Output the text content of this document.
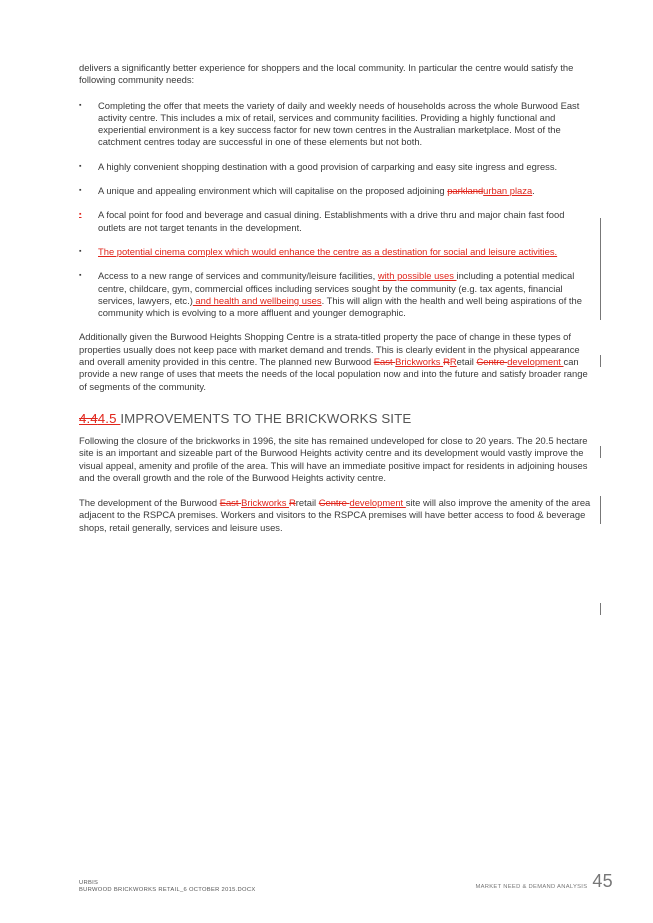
delivers a significantly better experience for shoppers and the local community. In particular the centre would satisfy the following community needs:

▪	Completing the offer that meets the variety of daily and weekly needs of households across the whole Burwood East activity centre. This includes a mix of retail, services and community facilities. Providing a highly functional and experiential environment is a key success factor for new town centres in the Australian marketplace. Most of the catchment centres today are successful in one of these elements but not both.
▪	A highly convenient shopping destination with a good provision of carparking and easy site ingress and egress.
▪	A unique and appealing environment which will capitalise on the proposed adjoining parklandurban plaza.
▪	A focal point for food and beverage and casual dining. Establishments with a drive thru and major chain fast food outlets are not target tenants in the development.
▪	The potential cinema complex which would enhance the centre as a destination for social and leisure activities.
▪	Access to a new range of services and community/leisure facilities, with possible uses including a potential medical centre, childcare, gym, commercial offices including services sought by the community (e.g. tax agents, financial services, lawyers, etc.) and health and wellbeing uses. This will align with the health and well being aspirations of the community which is evolving to a more affluent and younger demographic.

Additionally given the Burwood Heights Shopping Centre is a strata-titled property the pace of change in these types of properties usually does not keep pace with market demand and trends. This is clearly evident in the physical appearance and overall amenity provided in this centre. The planned new Burwood East Brickworks RRetail Centre development can provide a new range of uses that meets the needs of the local population now and into the future and satisfy broader range of segments of the community.

4.44.5 IMPROVEMENTS TO THE BRICKWORKS SITE

Following the closure of the brickworks in 1996, the site has remained undeveloped for close to 20 years. The 20.5 hectare site is an important and sizeable part of the Burwood Heights activity centre and its development would vastly improve the visual appeal, amenity and profile of the area. This will have an immediate positive impact for residents in adjoining houses and the overall growth and the role of the Burwood Heights activity centre.

The development of the Burwood East Brickworks Rretail Centre development site will also improve the amenity of the area adjacent to the RSPCA premises. Workers and visitors to the RSPCA premises will have better access to food & beverage shops, retail generally, services and leisure uses.

URBIS
BURWOOD BRICKWORKS RETAIL_6 OCTOBER 2015.DOCX	MARKET NEED & DEMAND ANALYSIS 45
